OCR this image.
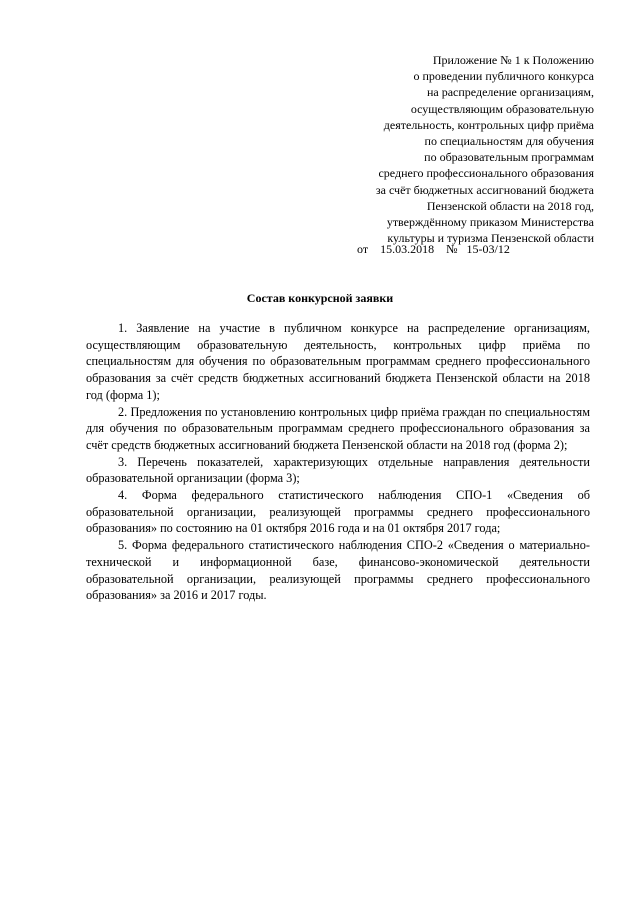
Приложение № 1 к Положению
о проведении публичного конкурса
на распределение организациям,
осуществляющим образовательную
деятельность, контрольных цифр приёма
по специальностям для обучения
по образовательным программам
среднего профессионального образования
за счёт бюджетных ассигнований бюджета
Пензенской области на 2018 год,
утверждённому приказом Министерства
культуры и туризма Пензенской области
от 15.03.2018 № 15-03/12
Состав конкурсной заявки

1. Заявление на участие в публичном конкурсе на распределение организациям, осуществляющим образовательную деятельность, контрольных цифр приёма по специальностям для обучения по образовательным программам среднего профессионального образования за счёт средств бюджетных ассигнований бюджета Пензенской области на 2018 год (форма 1);

2. Предложения по установлению контрольных цифр приёма граждан по специальностям для обучения по образовательным программам среднего профессионального образования за счёт средств бюджетных ассигнований бюджета Пензенской области на 2018 год (форма 2);

3. Перечень показателей, характеризующих отдельные направления деятельности образовательной организации (форма 3);

4. Форма федерального статистического наблюдения СПО-1 «Сведения об образовательной организации, реализующей программы среднего профессионального образования» по состоянию на 01 октября 2016 года и на 01 октября 2017 года;

5. Форма федерального статистического наблюдения СПО-2 «Сведения о материально-технической и информационной базе, финансово-экономической деятельности образовательной организации, реализующей программы среднего профессионального образования» за 2016 и 2017 годы.
